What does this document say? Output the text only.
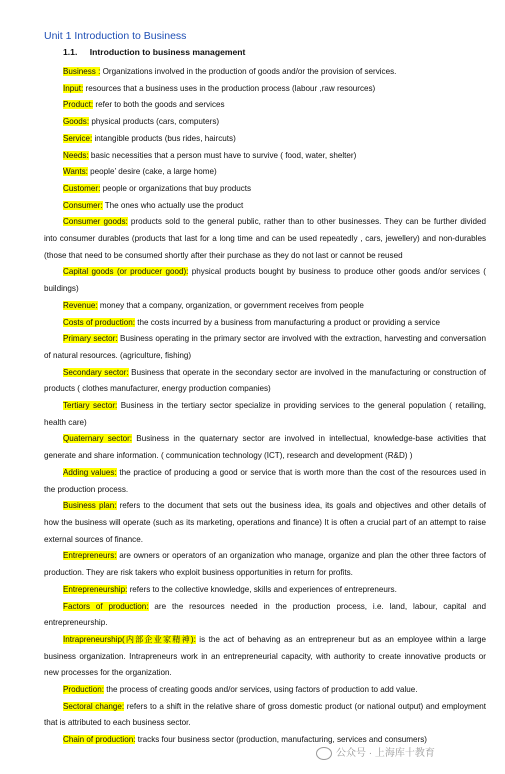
Unit 1 Introduction to Business
1.1. Introduction to business management

Business : Organizations involved in the production of goods and/or the provision of services.

Input: resources that a business uses in the production process (labour ,raw resources)

Product: refer to both the goods and services

Goods: physical products (cars, computers)

Service: intangible products (bus rides, haircuts)

Needs: basic necessities that a person must have to survive ( food, water, shelter)

Wants: people’ desire (cake, a large home)

Customer: people or organizations that buy products

Consumer: The ones who actually use the product

Consumer goods: products sold to the general public, rather than to other businesses. They can be further divided into consumer durables (products that last for a long time and can be used repeatedly , cars, jewellery) and non-durables (those that need to be consumed shortly after their purchase as they do not last or cannot be reused

Capital goods (or producer good): physical products bought by business to produce other goods and/or services ( buildings)

Revenue: money that a company, organization, or government receives from people

Costs of production: the costs incurred by a business from manufacturing a product or providing a service

Primary sector: Business operating in the primary sector are involved with the extraction, harvesting and conversation of natural resources. (agriculture, fishing)

Secondary sector: Business that operate in the secondary sector are involved in the manufacturing or construction of products ( clothes manufacturer, energy production companies)

Tertiary sector: Business in the tertiary sector specialize in providing services to the general population ( retailing, health care)

Quaternary sector: Business in the quaternary sector are involved in intellectual, knowledge-base activities that generate and share information. ( communication technology (ICT), research and development (R&D) )

Adding values: the practice of producing a good or service that is worth more than the cost of the resources used in the production process.

Business plan: refers to the document that sets out the business idea, its goals and objectives and other details of how the business will operate (such as its marketing, operations and finance) It is often a crucial part of an attempt to raise external sources of finance.

Entrepreneurs: are owners or operators of an organization who manage, organize and plan the other three factors of production. They are risk takers who exploit business opportunities in return for profits.

Entrepreneurship: refers to the collective knowledge, skills and experiences of entrepreneurs.

Factors of production: are the resources needed in the production process, i.e. land, labour, capital and entrepreneurship.

Intrapreneurship(内部企业家精神): is the act of behaving as an entrepreneur but as an employee within a large business organization. Intrapreneurs work in an entrepreneurial capacity, with authority to create innovative products or new processes for the organization.

Production: the process of creating goods and/or services, using factors of production to add value.

Sectoral change: refers to a shift in the relative share of gross domestic product (or national output) and employment that is attributed to each business sector.

Chain of production: tracks four business sector (production, manufacturing, services and consumers)

公众号 · 上海库十教育
